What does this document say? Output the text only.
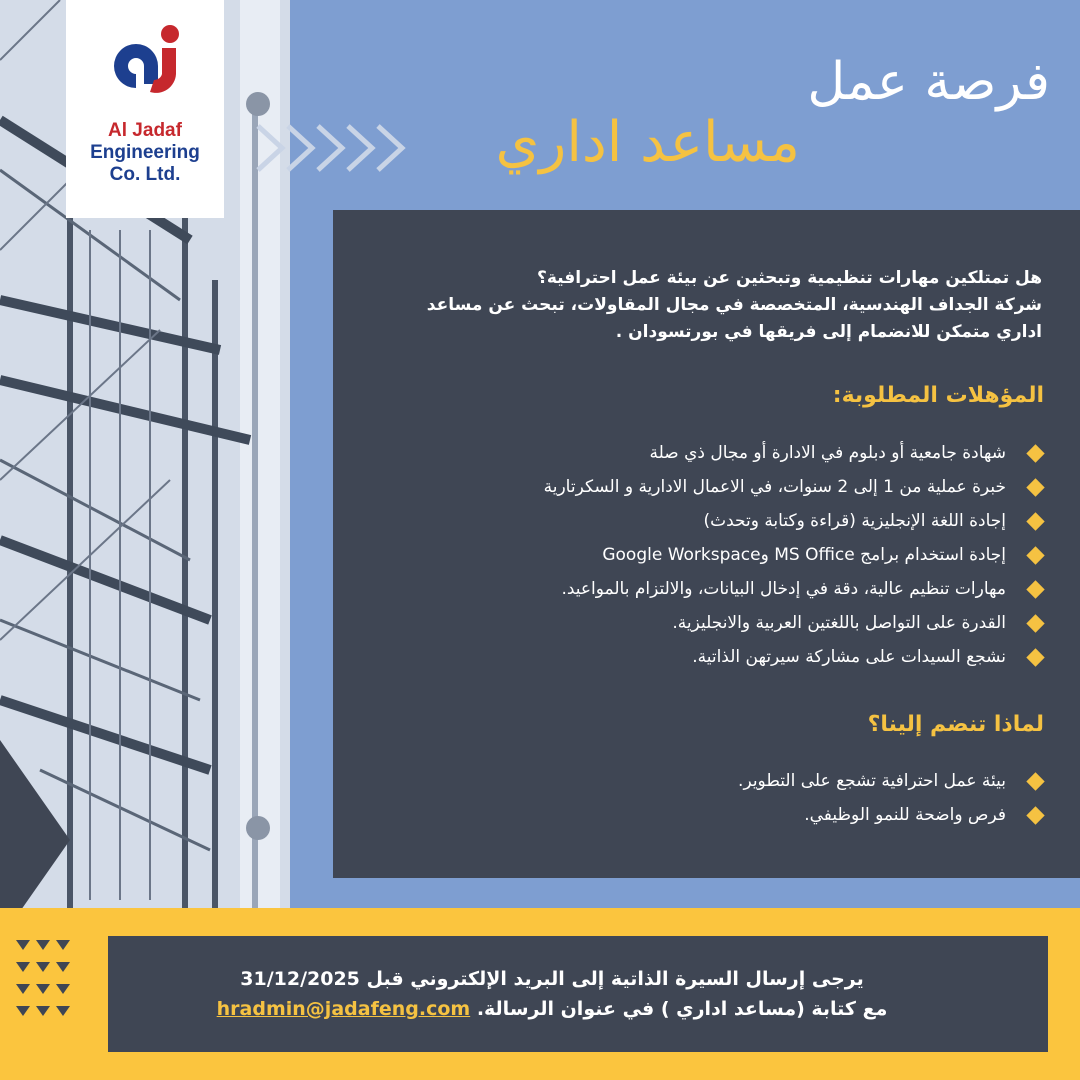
Al Jadaf
Engineering
Co. Ltd.
فرصة عمل
مساعد اداري
هل تمتلكين مهارات تنظيمية وتبحثين عن بيئة عمل احترافية؟
شركة الجداف الهندسية، المتخصصة في مجال المقاولات، تبحث عن مساعد
اداري متمكن للانضمام إلى فريقها في بورتسودان .
المؤهلات المطلوبة:
شهادة جامعية أو دبلوم في الادارة أو مجال ذي صلة
خبرة عملية من 1 إلى 2 سنوات، في الاعمال الادارية و السكرتارية
إجادة اللغة الإنجليزية (قراءة وكتابة وتحدث)
إجادة استخدام برامج MS Office وGoogle Workspace
مهارات تنظيم عالية، دقة في إدخال البيانات، والالتزام بالمواعيد.
القدرة على التواصل باللغتين العربية والانجليزية.
نشجع السيدات على مشاركة سيرتهن الذاتية.
لماذا تنضم إلينا؟
بيئة عمل احترافية تشجع على التطوير.
فرص واضحة للنمو الوظيفي.
يرجى إرسال السيرة الذاتية إلى البريد الإلكتروني قبل 31/12/2025
مع كتابة (مساعد اداري ) في عنوان الرسالة. hradmin@jadafeng.com
